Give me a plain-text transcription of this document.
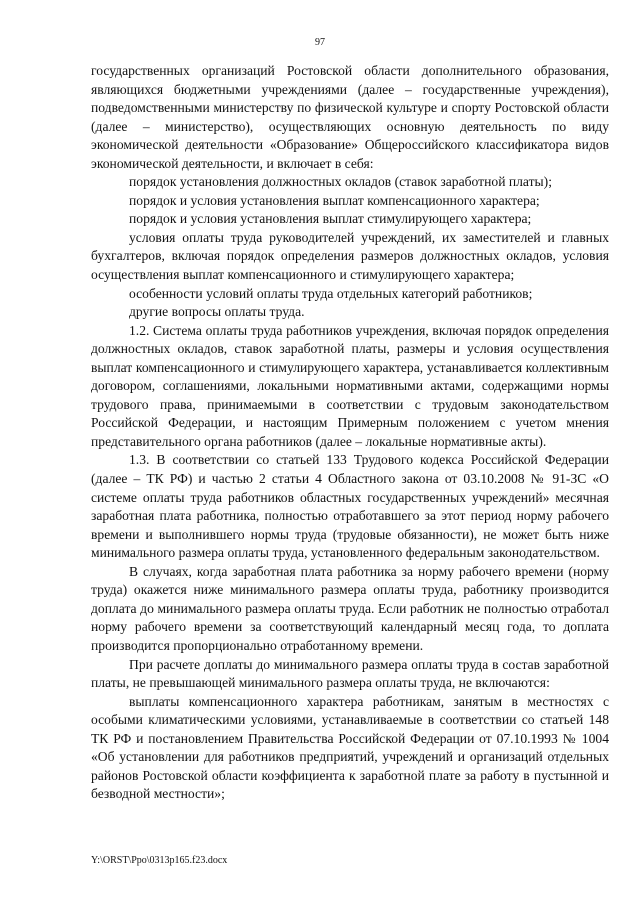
97

государственных организаций Ростовской области дополнительного образования, являющихся бюджетными учреждениями (далее – государственные учреждения), подведомственными министерству по физической культуре и спорту Ростовской области (далее – министерство), осуществляющих основную деятельность по виду экономической деятельности «Образование» Общероссийского классификатора видов экономической деятельности, и включает в себя:

порядок установления должностных окладов (ставок заработной платы);

порядок и условия установления выплат компенсационного характера;

порядок и условия установления выплат стимулирующего характера;

условия оплаты труда руководителей учреждений, их заместителей и главных бухгалтеров, включая порядок определения размеров должностных окладов, условия осуществления выплат компенсационного и стимулирующего характера;

особенности условий оплаты труда отдельных категорий работников;

другие вопросы оплаты труда.

1.2. Система оплаты труда работников учреждения, включая порядок определения должностных окладов, ставок заработной платы, размеры и условия осуществления выплат компенсационного и стимулирующего характера, устанавливается коллективным договором, соглашениями, локальными нормативными актами, содержащими нормы трудового права, принимаемыми в соответствии с трудовым законодательством Российской Федерации, и настоящим Примерным положением с учетом мнения представительного органа работников (далее – локальные нормативные акты).

1.3. В соответствии со статьей 133 Трудового кодекса Российской Федерации (далее – ТК РФ) и частью 2 статьи 4 Областного закона от 03.10.2008 № 91-ЗС «О системе оплаты труда работников областных государственных учреждений» месячная заработная плата работника, полностью отработавшего за этот период норму рабочего времени и выполнившего нормы труда (трудовые обязанности), не может быть ниже минимального размера оплаты труда, установленного федеральным законодательством.

В случаях, когда заработная плата работника за норму рабочего времени (норму труда) окажется ниже минимального размера оплаты труда, работнику производится доплата до минимального размера оплаты труда. Если работник не полностью отработал норму рабочего времени за соответствующий календарный месяц года, то доплата производится пропорционально отработанному времени.

При расчете доплаты до минимального размера оплаты труда в состав заработной платы, не превышающей минимального размера оплаты труда, не включаются:

выплаты компенсационного характера работникам, занятым в местностях с особыми климатическими условиями, устанавливаемые в соответствии со статьей 148 ТК РФ и постановлением Правительства Российской Федерации от 07.10.1993 № 1004 «Об установлении для работников предприятий, учреждений и организаций отдельных районов Ростовской области коэффициента к заработной плате за работу в пустынной и безводной местности»;

Y:\ORST\Ppo\0313p165.f23.docx
